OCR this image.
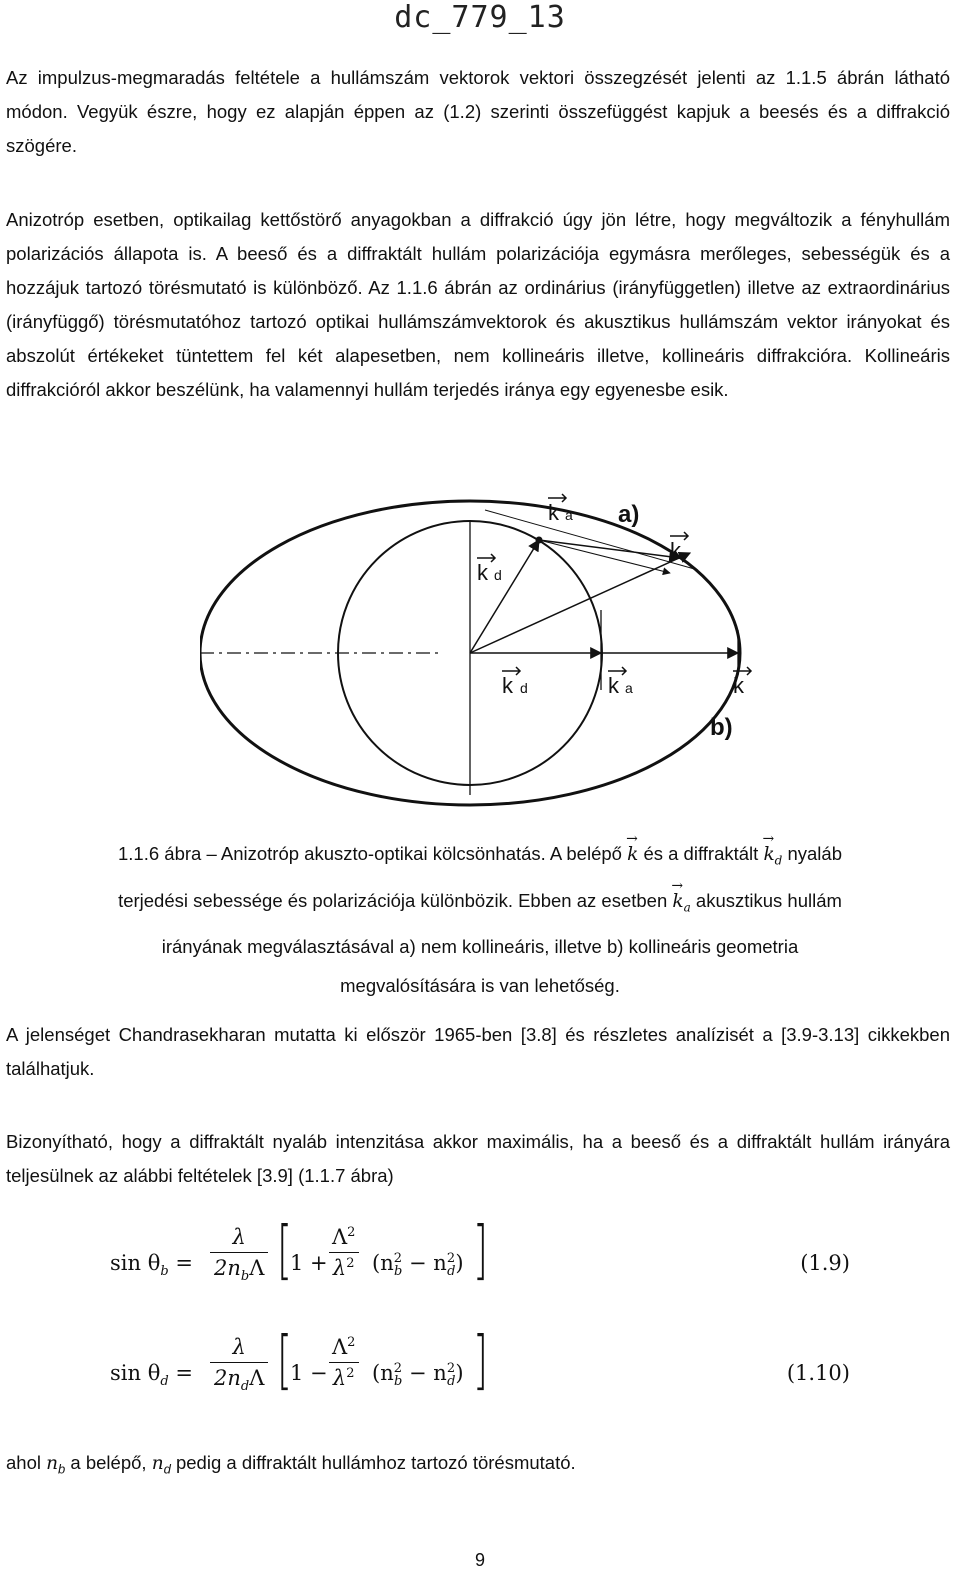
dc_779_13
Az impulzus-megmaradás feltétele a hullámszám vektorok vektori összegzését jelenti az 1.1.5 ábrán látható módon. Vegyük észre, hogy ez alapján éppen az (1.2) szerinti összefüggést kapjuk a beesés és a diffrakció szögére.
Anizotróp esetben, optikailag kettőstörő anyagokban a diffrakció úgy jön létre, hogy megváltozik a fényhullám polarizációs állapota is. A beeső és a diffraktált hullám polarizációja egymásra merőleges, sebességük és a hozzájuk tartozó törésmutató is különböző. Az 1.1.6 ábrán az ordinárius (irányfüggetlen) illetve az extraordinárius (irányfüggő) törésmutatóhoz tartozó optikai hullámszámvektorok és akusztikus hullámszám vektor irányokat és abszolút értékeket tüntettem fel két alapesetben, nem kollineáris illetve, kollineáris diffrakcióra. Kollineáris diffrakcióról akkor beszélünk, ha valamennyi hullám terjedés iránya egy egyenesbe esik.
k a a)
k
k d
k d	k a	k
b)
1.1.6 ábra – Anizotróp akuszto-optikai kölcsönhatás. A belépő → k és a diffraktált → $k_d$ nyaláb
terjedési sebessége és polarizációja különbözik. Ebben az esetben → $k_a$ akusztikus hullám
irányának megválasztásával a) nem kollineáris, illetve b) kollineáris geometria
megvalósítására is van lehetőség.
A jelenséget Chandrasekharan mutatta ki először 1965-ben [3.8] és részletes analízisét a [3.9-3.13] cikkekben találhatjuk.
Bizonyítható, hogy a diffraktált nyaláb intenzitása akkor maximális, ha a beeső és a diffraktált hullám irányára teljesülnek az alábbi feltételek [3.9] (1.1.7 ábra)
$\sin \theta_b$ =
λ
$2n_b\Lambda$ [
$1 + \frac{\Lambda^2}{\lambda^2} (n^2_b - n^2_d)$ ]	(1.9)
$\sin \theta_d$ =
λ
$2n_d\Lambda$ [
$1 - \frac{\Lambda^2}{\lambda^2} (n^2_b - n^2_d)$ ]	(1.10)
ahol $n_b$ a belépő, $n_d$ pedig a diffraktált hullámhoz tartozó törésmutató.
9
